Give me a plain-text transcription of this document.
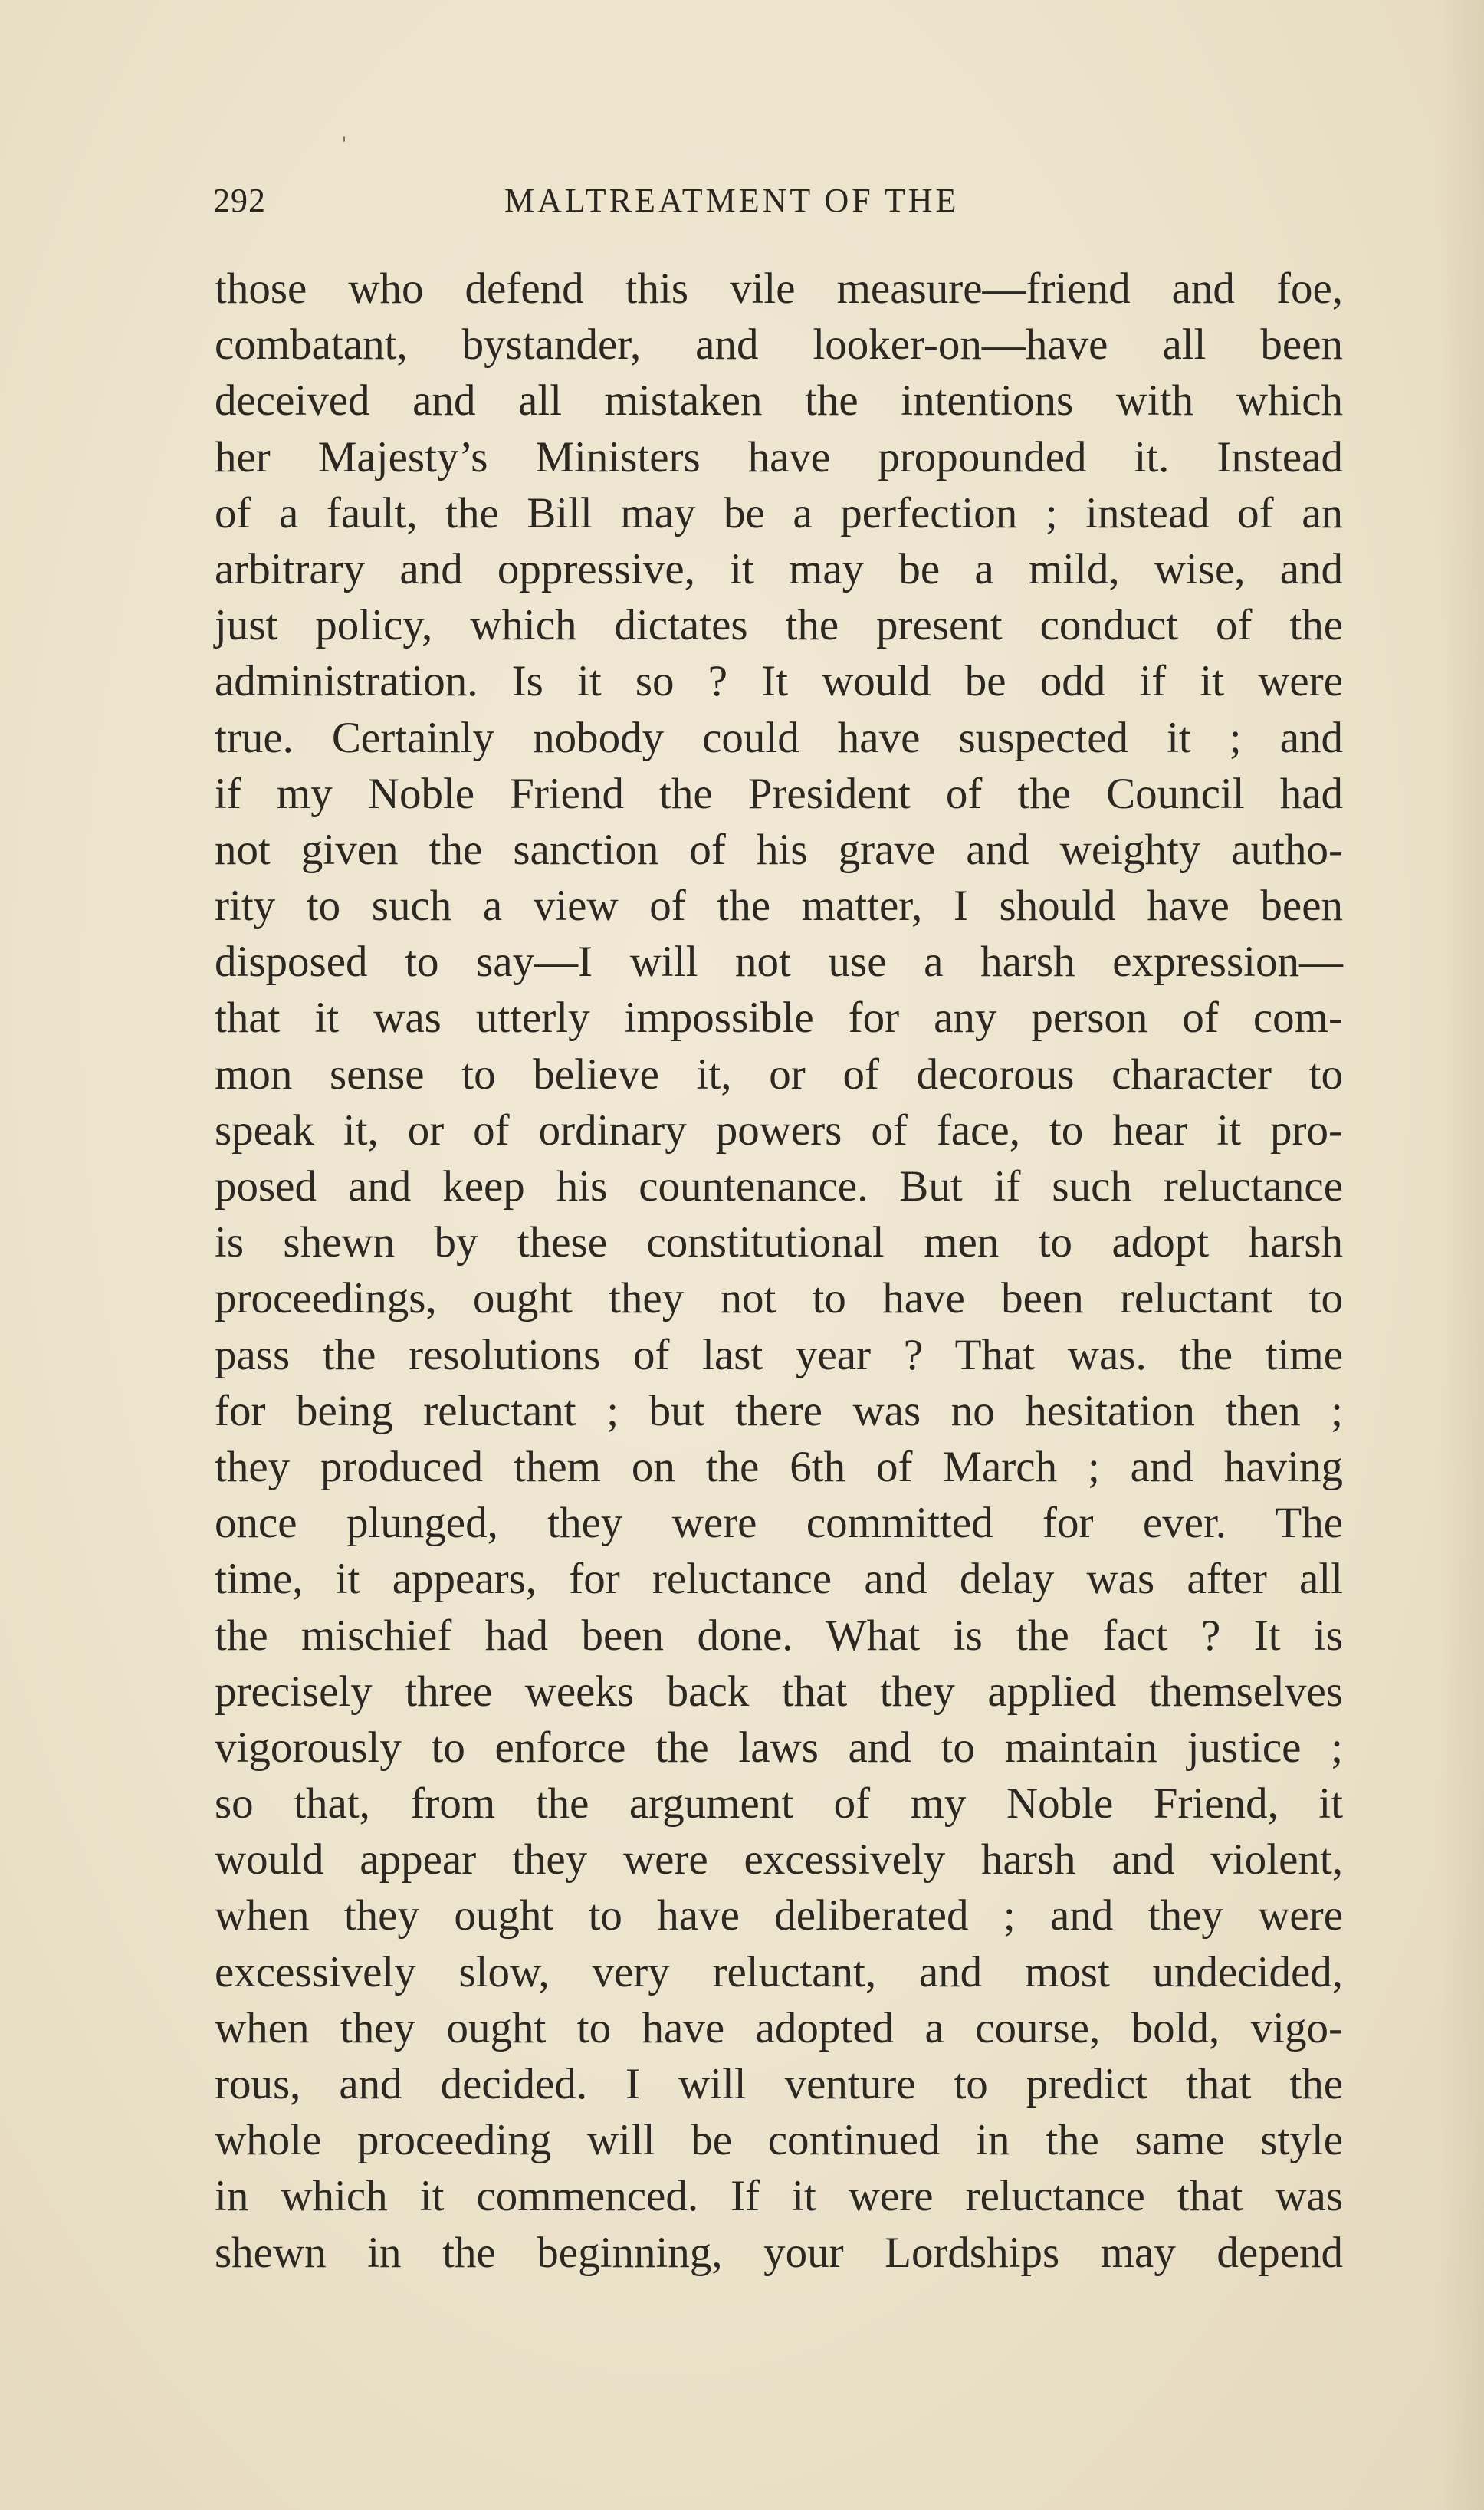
'
292	MALTREATMENT OF THE
those who defend this vile measure—friend and foe,
combatant, bystander, and looker-on—have all been
deceived and all mistaken the intentions with which
her Majesty’s Ministers have propounded it. Instead
of a fault, the Bill may be a perfection ; instead of an
arbitrary and oppressive, it may be a mild, wise, and
just policy, which dictates the present conduct of the
administration. Is it so ? It would be odd if it were
true. Certainly nobody could have suspected it ; and
if my Noble Friend the President of the Council had
not given the sanction of his grave and weighty autho-
rity to such a view of the matter, I should have been
disposed to say—I will not use a harsh expression—
that it was utterly impossible for any person of com-
mon sense to believe it, or of decorous character to
speak it, or of ordinary powers of face, to hear it pro-
posed and keep his countenance. But if such reluctance
is shewn by these constitutional men to adopt harsh
proceedings, ought they not to have been reluctant to
pass the resolutions of last year ? That was. the time
for being reluctant ; but there was no hesitation then ;
they produced them on the 6th of March ; and having
once plunged, they were committed for ever. The
time, it appears, for reluctance and delay was after all
the mischief had been done. What is the fact ? It is
precisely three weeks back that they applied themselves
vigorously to enforce the laws and to maintain justice ;
so that, from the argument of my Noble Friend, it
would appear they were excessively harsh and violent,
when they ought to have deliberated ; and they were
excessively slow, very reluctant, and most undecided,
when they ought to have adopted a course, bold, vigo-
rous, and decided. I will venture to predict that the
whole proceeding will be continued in the same style
in which it commenced. If it were reluctance that was
shewn in the beginning, your Lordships may depend
